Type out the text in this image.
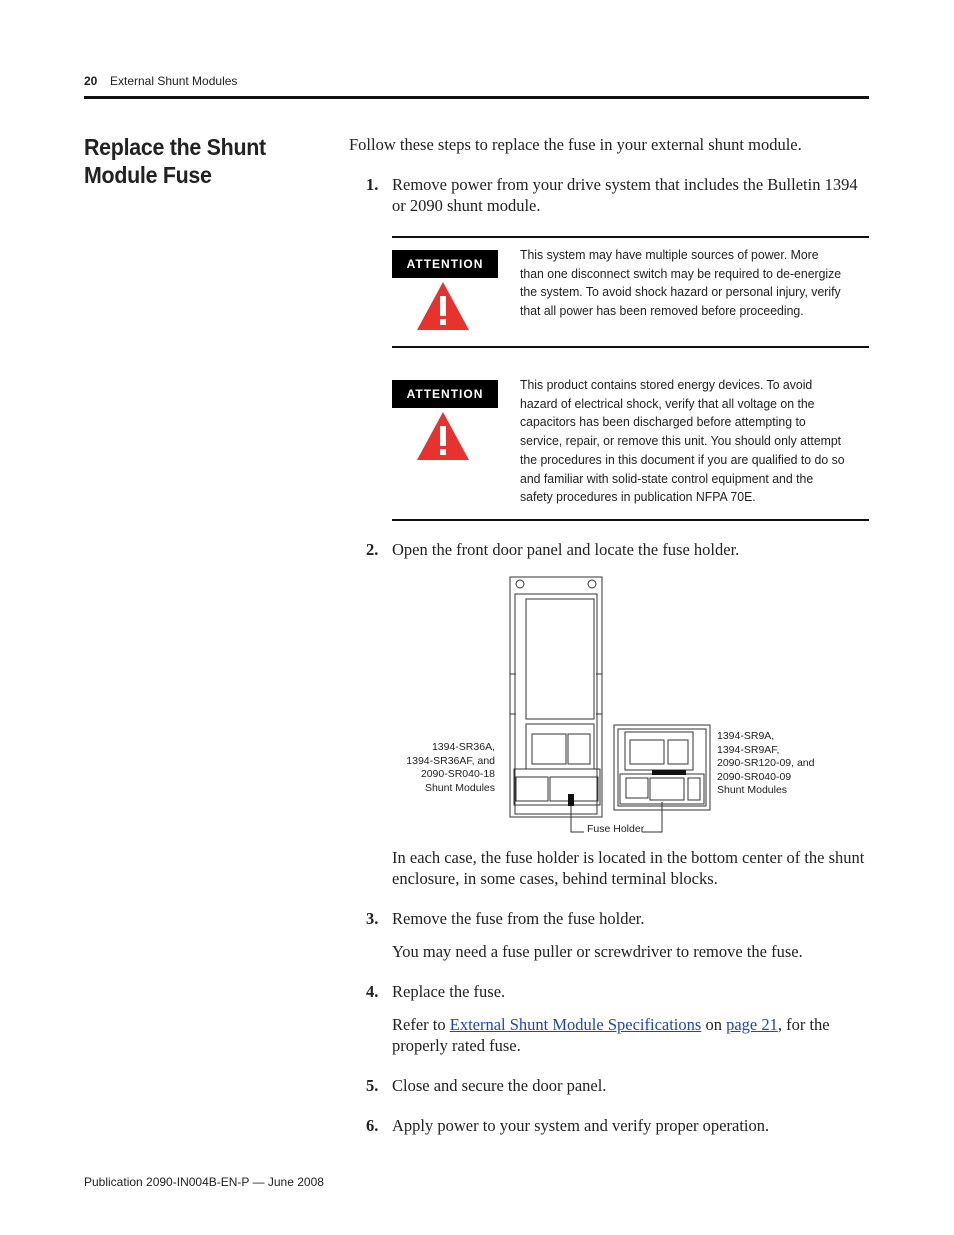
20 External Shunt Modules
Replace the Shunt Module Fuse
Follow these steps to replace the fuse in your external shunt module.
1. Remove power from your drive system that includes the Bulletin 1394 or 2090 shunt module.
ATTENTION
This system may have multiple sources of power. More than one disconnect switch may be required to de-energize the system. To avoid shock hazard or personal injury, verify that all power has been removed before proceeding.
ATTENTION
This product contains stored energy devices. To avoid hazard of electrical shock, verify that all voltage on the capacitors has been discharged before attempting to service, repair, or remove this unit. You should only attempt the procedures in this document if you are qualified to do so and familiar with solid-state control equipment and the safety procedures in publication NFPA 70E.
2. Open the front door panel and locate the fuse holder.
1394-SR36A,
1394-SR36AF, and
2090-SR040-18
Shunt Modules
1394-SR9A,
1394-SR9AF,
2090-SR120-09, and
2090-SR040-09
Shunt Modules
Fuse Holder
In each case, the fuse holder is located in the bottom center of the shunt enclosure, in some cases, behind terminal blocks.
3. Remove the fuse from the fuse holder.
You may need a fuse puller or screwdriver to remove the fuse.
4. Replace the fuse.
Refer to External Shunt Module Specifications on page 21, for the properly rated fuse.
5. Close and secure the door panel.
6. Apply power to your system and verify proper operation.
Publication 2090-IN004B-EN-P — June 2008
